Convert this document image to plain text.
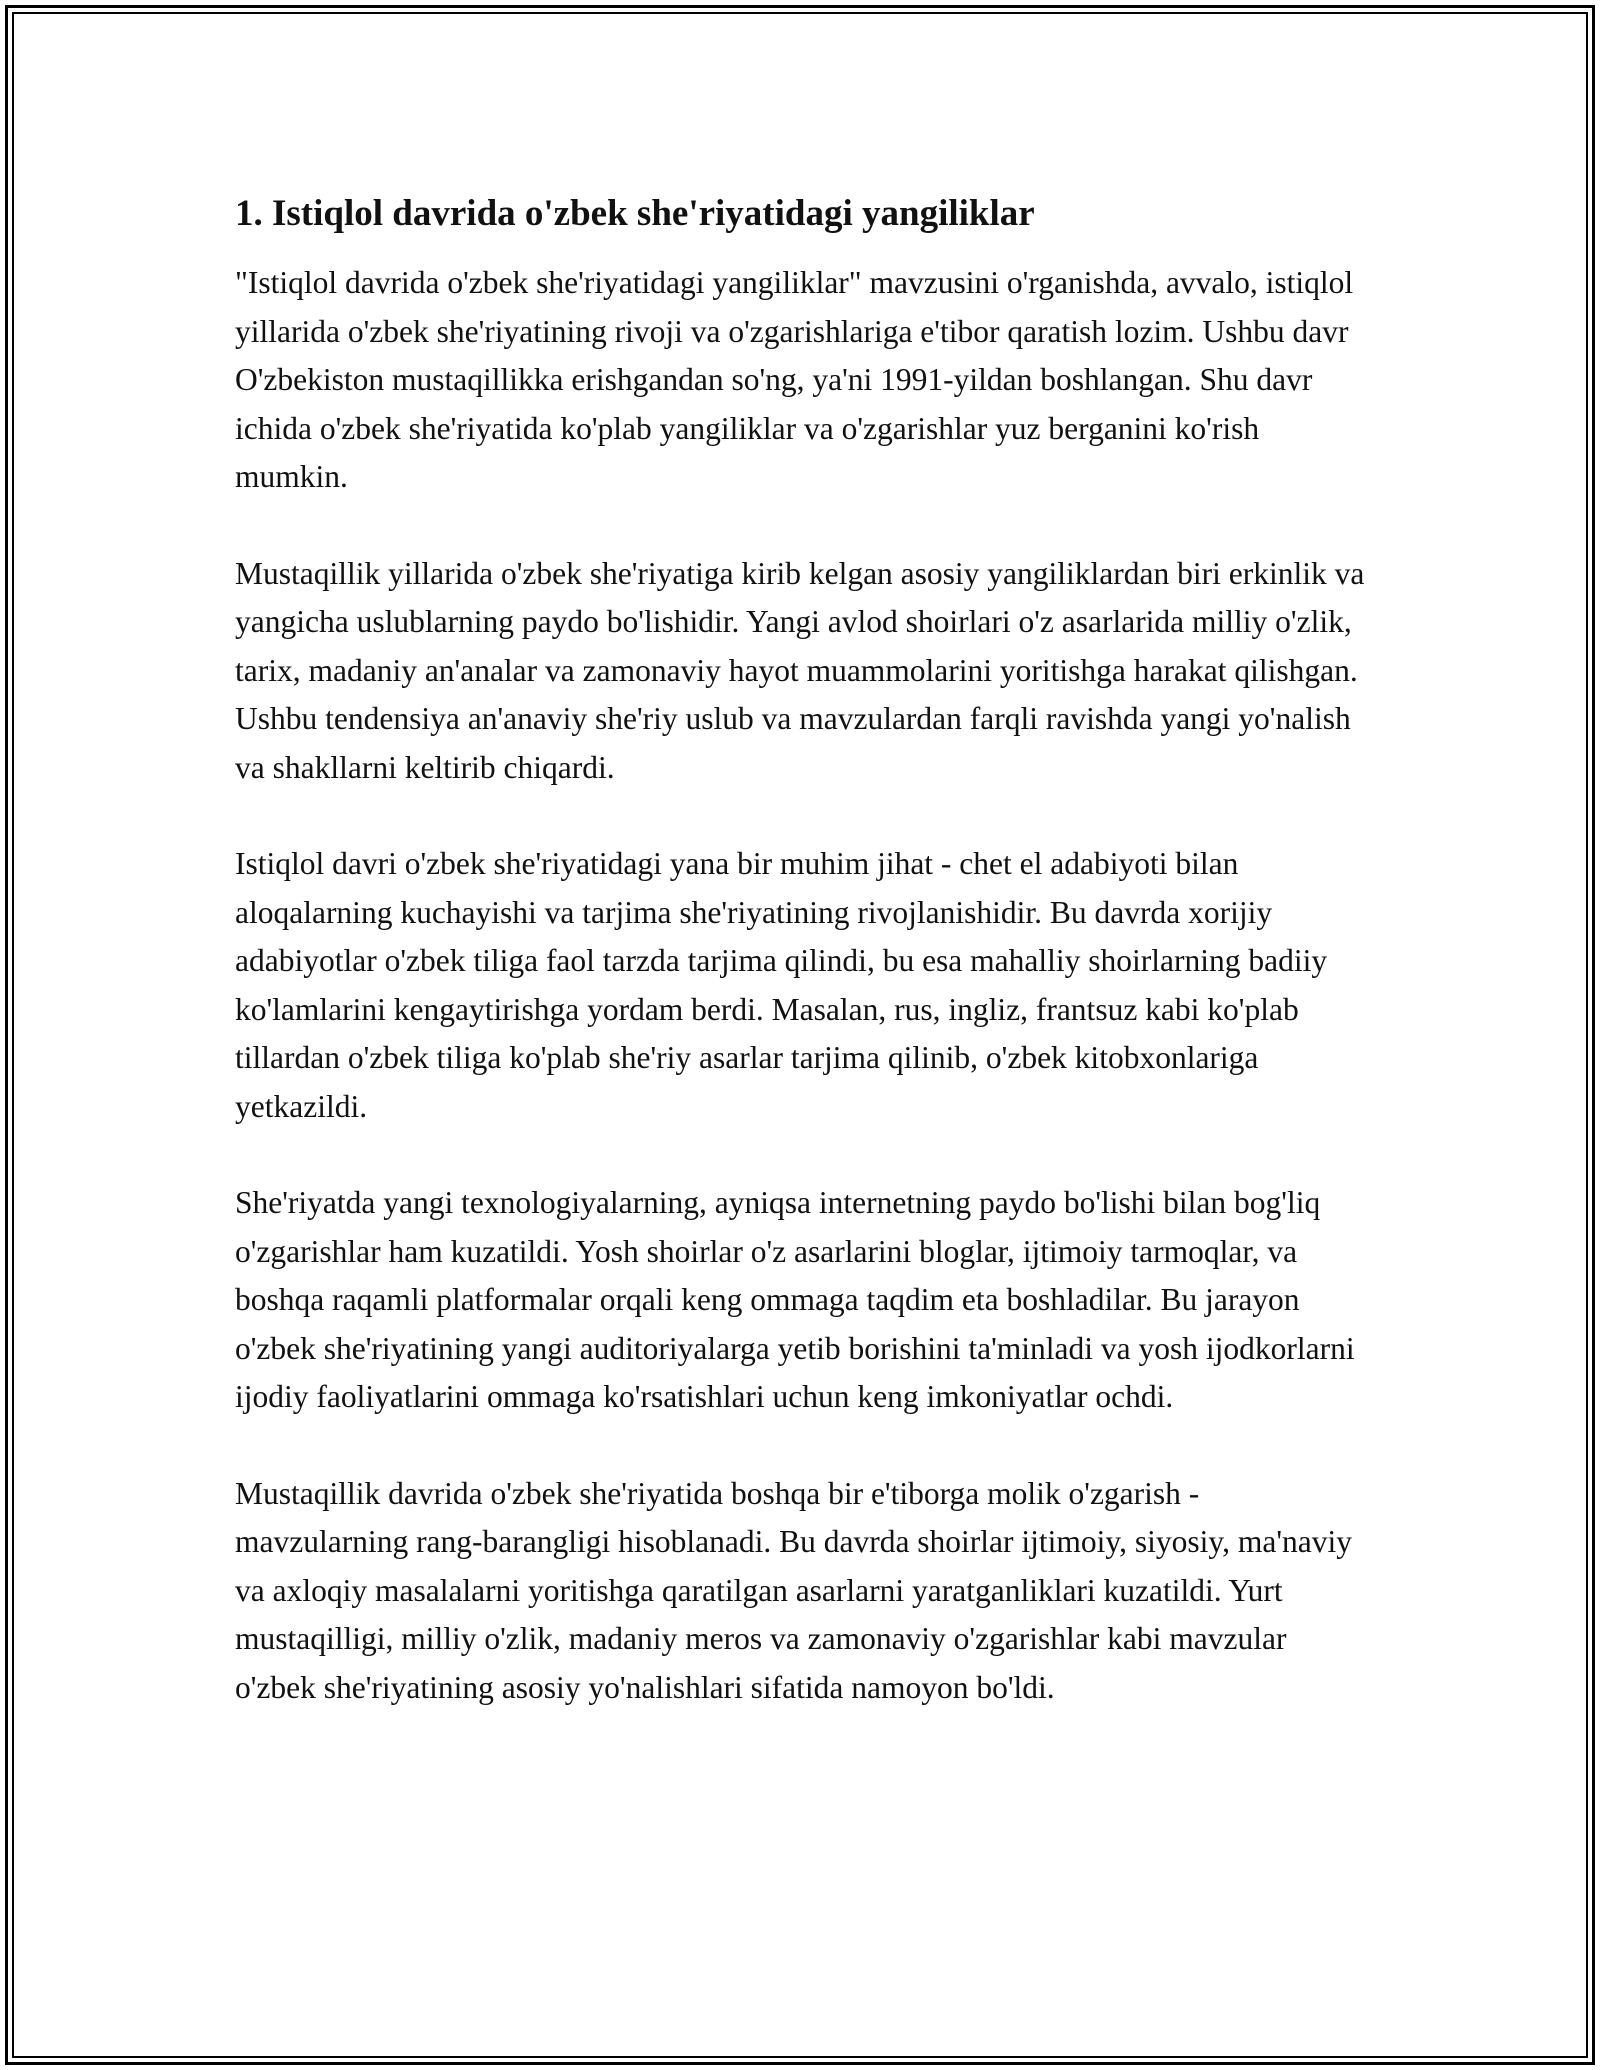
1. Istiqlol davrida o'zbek she'riyatidagi yangiliklar

"Istiqlol davrida o'zbek she'riyatidagi yangiliklar" mavzusini o'rganishda, avvalo, istiqlol yillarida o'zbek she'riyatining rivoji va o'zgarishlariga e'tibor qaratish lozim. Ushbu davr O'zbekiston mustaqillikka erishgandan so'ng, ya'ni 1991-yildan boshlangan. Shu davr ichida o'zbek she'riyatida ko'plab yangiliklar va o'zgarishlar yuz berganini ko'rish mumkin.

Mustaqillik yillarida o'zbek she'riyatiga kirib kelgan asosiy yangiliklardan biri erkinlik va yangicha uslublarning paydo bo'lishidir. Yangi avlod shoirlari o'z asarlarida milliy o'zlik, tarix, madaniy an'analar va zamonaviy hayot muammolarini yoritishga harakat qilishgan. Ushbu tendensiya an'anaviy she'riy uslub va mavzulardan farqli ravishda yangi yo'nalish va shakllarni keltirib chiqardi.

Istiqlol davri o'zbek she'riyatidagi yana bir muhim jihat - chet el adabiyoti bilan aloqalarning kuchayishi va tarjima she'riyatining rivojlanishidir. Bu davrda xorijiy adabiyotlar o'zbek tiliga faol tarzda tarjima qilindi, bu esa mahalliy shoirlarning badiiy ko'lamlarini kengaytirishga yordam berdi. Masalan, rus, ingliz, frantsuz kabi ko'plab tillardan o'zbek tiliga ko'plab she'riy asarlar tarjima qilinib, o'zbek kitobxonlariga yetkazildi.

She'riyatda yangi texnologiyalarning, ayniqsa internetning paydo bo'lishi bilan bog'liq o'zgarishlar ham kuzatildi. Yosh shoirlar o'z asarlarini bloglar, ijtimoiy tarmoqlar, va boshqa raqamli platformalar orqali keng ommaga taqdim eta boshladilar. Bu jarayon o'zbek she'riyatining yangi auditoriyalarga yetib borishini ta'minladi va yosh ijodkorlarni ijodiy faoliyatlarini ommaga ko'rsatishlari uchun keng imkoniyatlar ochdi.

Mustaqillik davrida o'zbek she'riyatida boshqa bir e'tiborga molik o'zgarish - mavzularning rang-barangligi hisoblanadi. Bu davrda shoirlar ijtimoiy, siyosiy, ma'naviy va axloqiy masalalarni yoritishga qaratilgan asarlarni yaratganliklari kuzatildi. Yurt mustaqilligi, milliy o'zlik, madaniy meros va zamonaviy o'zgarishlar kabi mavzular o'zbek she'riyatining asosiy yo'nalishlari sifatida namoyon bo'ldi.
